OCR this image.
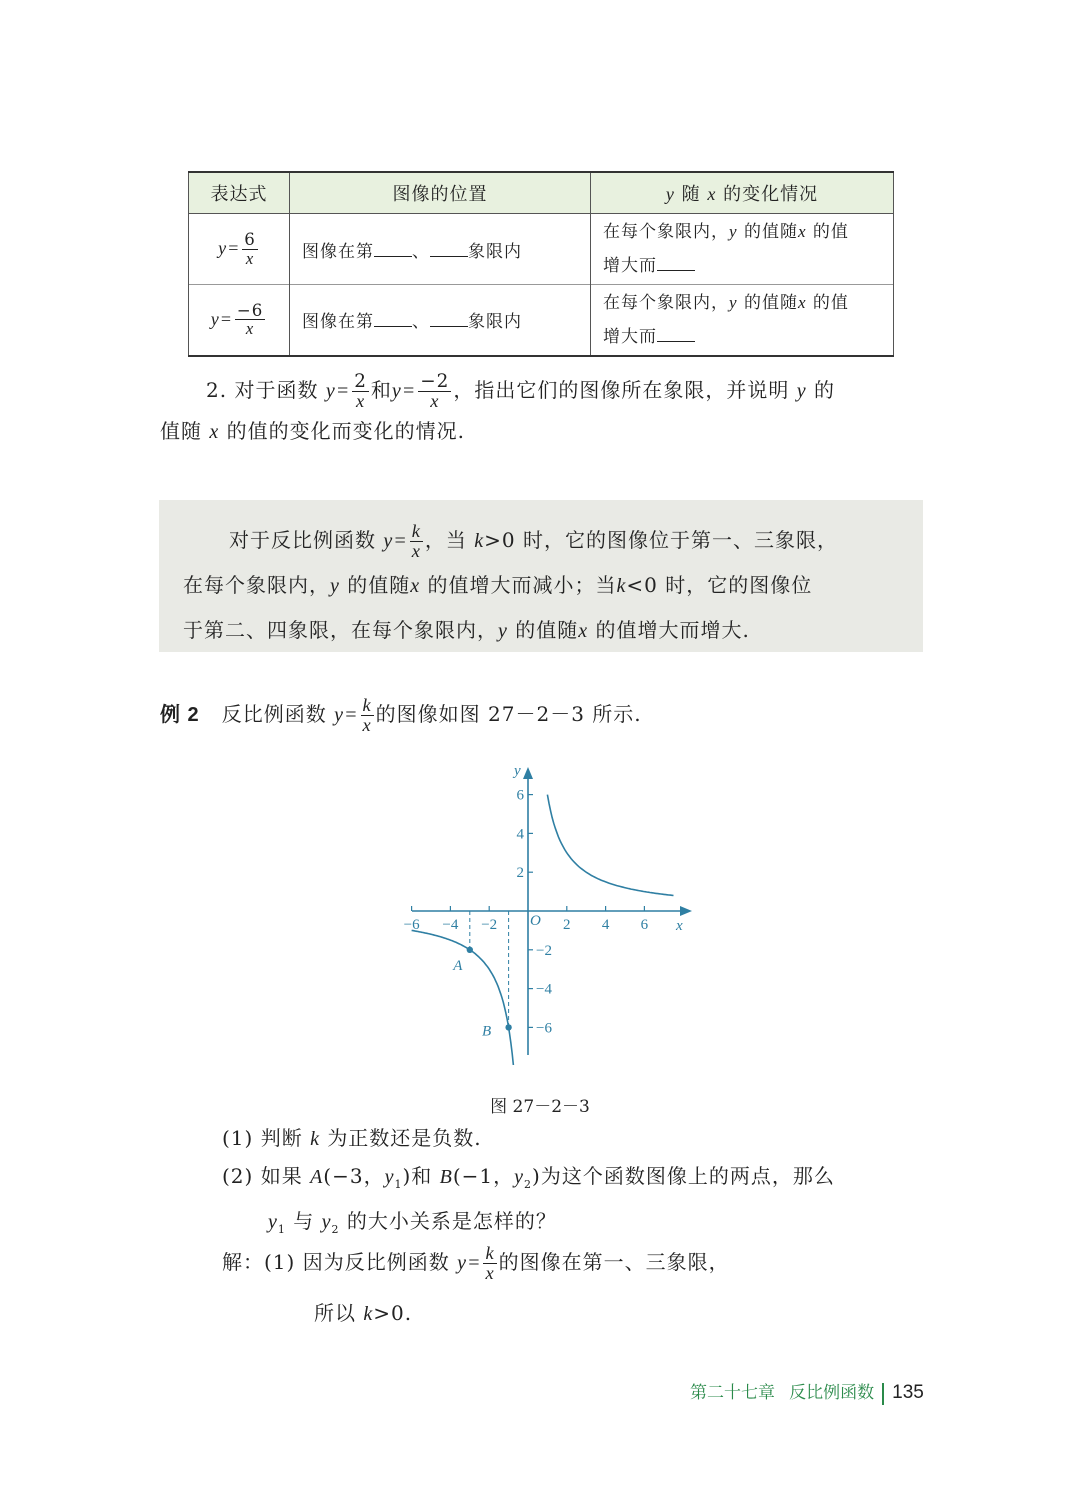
表达式	图像的位置	y 随 x 的变化情况
$y= \frac{6}{x}$	图像在第 、 象限内	在每个象限内，y 的值随x 的值
增大而
$y= \frac{-6}{x}$	图像在第 、 象限内	在每个象限内，y 的值随x 的值
增大而
2. 对于函数 $y= \frac{2}{x}$ 和$y= \frac{-2}{x}$ ，指出它们的图像所在象限，并说明 y 的
值随 x 的值的变化而变化的情况.
对于反比例函数 $y= \frac{k}{x}$ ，当 k>0 时，它的图像位于第一、三象限，
在每个象限内，y 的值随x 的值增大而减小；当k<0 时，它的图像位
于第二、四象限，在每个象限内，y 的值随x 的值增大而增大.
例 2 反比例函数 $y= \frac{k}{x}$ 的图像如图 27－2－3 所示.
x
y
O
−6 −4 −2	2 4 6
6
4
2
−2
−4
−6
A
B
图 27－2－3
(1) 判断 k 为正数还是负数.
(2) 如果 A(−3，$y_1$)和 B(−1，$y_2$)为这个函数图像上的两点，那么
$y_1$ 与 $y_2$ 的大小关系是怎样的？
解：(1) 因为反比例函数 $y= \frac{k}{x}$ 的图像在第一、三象限，
所以 k>0.
第二十七章 反比例函数 135
